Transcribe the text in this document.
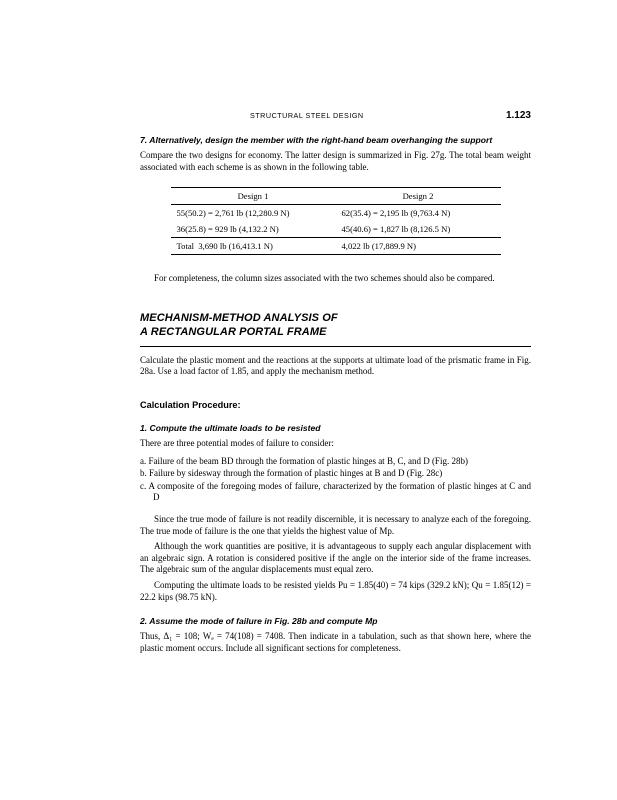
STRUCTURAL STEEL DESIGN	1.123
7. Alternatively, design the member with the right-hand beam overhanging the support

Compare the two designs for economy. The latter design is summarized in Fig. 27g. The total beam weight associated with each scheme is as shown in the following table.

Design 1	Design 2
55(50.2) = 2,761 lb (12,280.9 N)	62(35.4) = 2,195 lb (9,763.4 N)
36(25.8) = 929 lb (4,132.2 N)	45(40.6) = 1,827 lb (8,126.5 N)
Total 3,690 lb (16,413.1 N)	4,022 lb (17,889.9 N)

For completeness, the column sizes associated with the two schemes should also be compared.

MECHANISM-METHOD ANALYSIS OF
A RECTANGULAR PORTAL FRAME

Calculate the plastic moment and the reactions at the supports at ultimate load of the prismatic frame in Fig. 28a. Use a load factor of 1.85, and apply the mechanism method.

Calculation Procedure:
1. Compute the ultimate loads to be resisted

There are three potential modes of failure to consider:

a. Failure of the beam BD through the formation of plastic hinges at B, C, and D (Fig. 28b)
b. Failure by sidesway through the formation of plastic hinges at B and D (Fig. 28c)
c. A composite of the foregoing modes of failure, characterized by the formation of plastic hinges at C and D

Since the true mode of failure is not readily discernible, it is necessary to analyze each of the foregoing. The true mode of failure is the one that yields the highest value of Mp.

Although the work quantities are positive, it is advantageous to supply each angular displacement with an algebraic sign. A rotation is considered positive if the angle on the interior side of the frame increases. The algebraic sum of the angular displacements must equal zero.

Computing the ultimate loads to be resisted yields Pu = 1.85(40) = 74 kips (329.2 kN); Qu = 1.85(12) = 22.2 kips (98.75 kN).

2. Assume the mode of failure in Fig. 28b and compute Mp

Thus, Δ₁ = 108; Wₑ = 74(108) = 7408. Then indicate in a tabulation, such as that shown here, where the plastic moment occurs. Include all significant sections for completeness.
